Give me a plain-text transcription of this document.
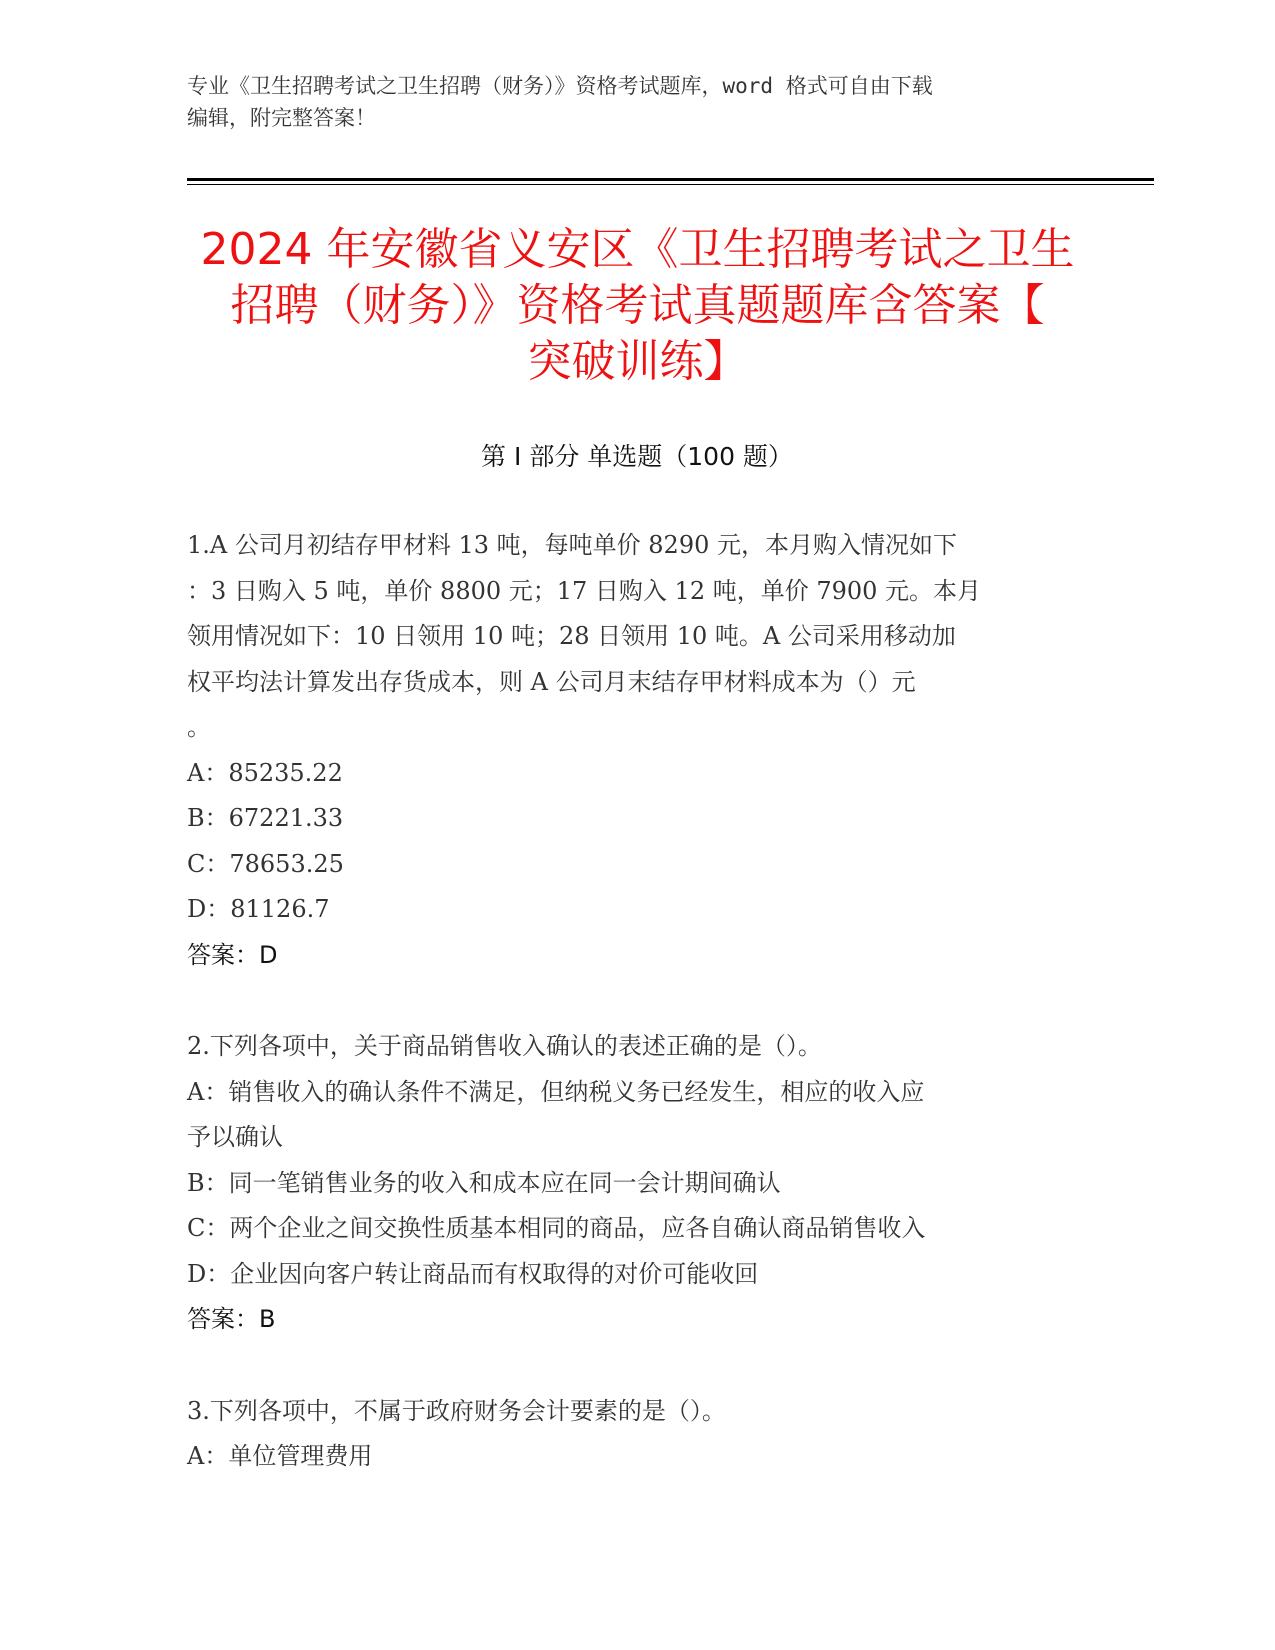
专业《卫生招聘考试之卫生招聘（财务）》资格考试题库，word 格式可自由下载
编辑，附完整答案！
2024 年安徽省义安区《卫生招聘考试之卫生
招聘（财务）》资格考试真题题库含答案【
突破训练】
第 I 部分 单选题（100 题）
1.A 公司月初结存甲材料 13 吨，每吨单价 8290 元，本月购入情况如下
：3 日购入 5 吨，单价 8800 元；17 日购入 12 吨，单价 7900 元。本月
领用情况如下：10 日领用 10 吨；28 日领用 10 吨。A 公司采用移动加
权平均法计算发出存货成本，则 A 公司月末结存甲材料成本为（）元
。
A：85235.22
B：67221.33
C：78653.25
D：81126.7
答案：D
2.下列各项中，关于商品销售收入确认的表述正确的是（）。
A：销售收入的确认条件不满足，但纳税义务已经发生，相应的收入应
予以确认
B：同一笔销售业务的收入和成本应在同一会计期间确认
C：两个企业之间交换性质基本相同的商品，应各自确认商品销售收入
D：企业因向客户转让商品而有权取得的对价可能收回
答案：B
3.下列各项中，不属于政府财务会计要素的是（）。
A：单位管理费用
